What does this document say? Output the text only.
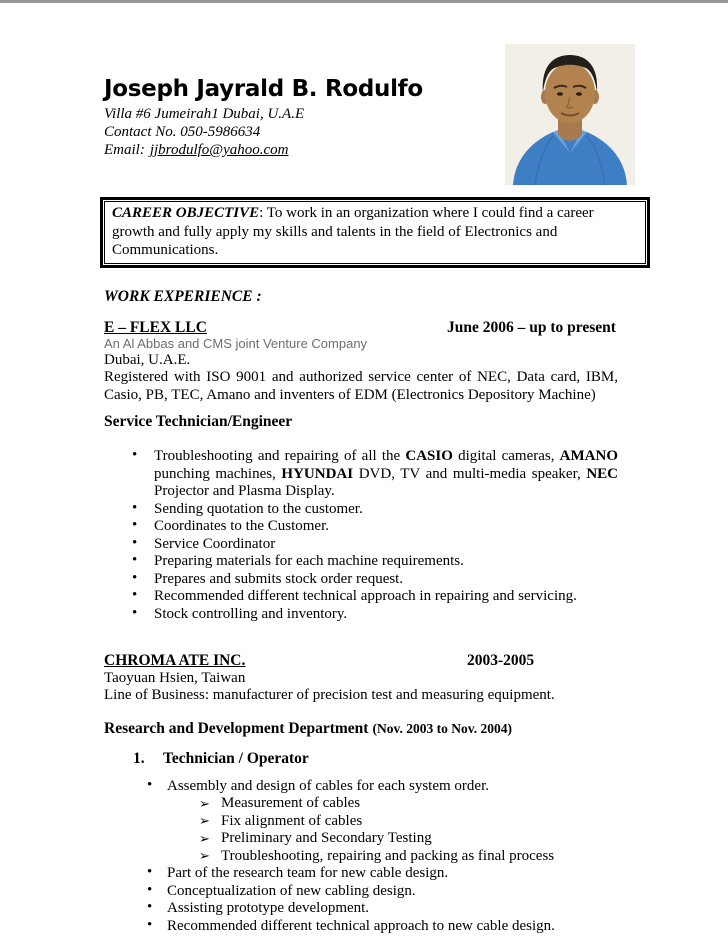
Joseph Jayrald B. Rodulfo
Villa #6 Jumeirah1 Dubai, U.A.E
Contact No. 050-5986634
Email: jjbrodulfo@yahoo.com
CAREER OBJECTIVE: To work in an organization where I could find a career growth and fully apply my skills and talents in the field of Electronics and Communications.
WORK EXPERIENCE :
E – FLEX LLC	June 2006 – up to present
An Al Abbas and CMS joint Venture Company
Dubai, U.A.E.
Registered with ISO 9001 and authorized service center of NEC, Data card, IBM, Casio, PB, TEC, Amano and inventers of EDM (Electronics Depository Machine)
Service Technician/Engineer
• Troubleshooting and repairing of all the CASIO digital cameras, AMANO punching machines, HYUNDAI DVD, TV and multi-media speaker, NEC Projector and Plasma Display.
• Sending quotation to the customer.
• Coordinates to the Customer.
• Service Coordinator
• Preparing materials for each machine requirements.
• Prepares and submits stock order request.
• Recommended different technical approach in repairing and servicing.
• Stock controlling and inventory.
CHROMA ATE INC.	2003-2005
Taoyuan Hsien, Taiwan
Line of Business: manufacturer of precision test and measuring equipment.
Research and Development Department (Nov. 2003 to Nov. 2004)
1. Technician / Operator
• Assembly and design of cables for each system order.
➢ Measurement of cables
➢ Fix alignment of cables
➢ Preliminary and Secondary Testing
➢ Troubleshooting, repairing and packing as final process
• Part of the research team for new cable design.
• Conceptualization of new cabling design.
• Assisting prototype development.
• Recommended different technical approach to new cable design.
